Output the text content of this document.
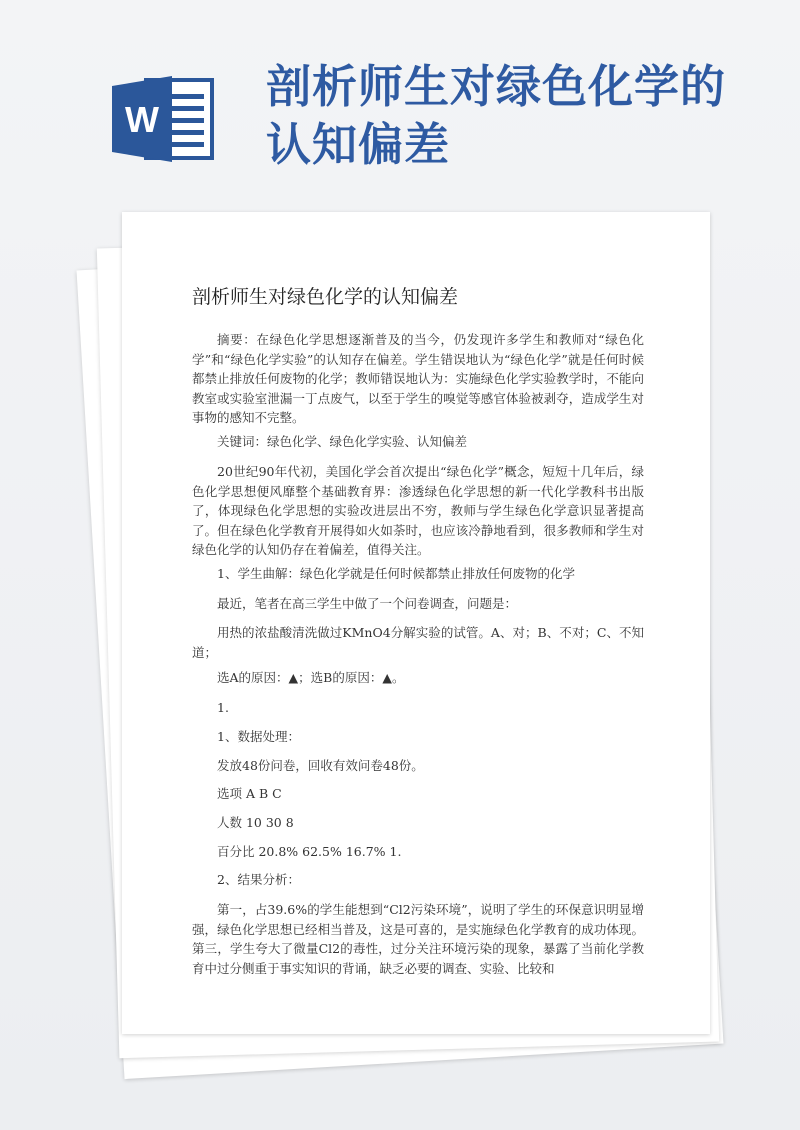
W
剖析师生对绿色化学的认知偏差
剖析师生对绿色化学的认知偏差

摘要：在绿色化学思想逐渐普及的当今，仍发现许多学生和教师对“绿色化学”和“绿色化学实验”的认知存在偏差。学生错误地认为“绿色化学”就是任何时候都禁止排放任何废物的化学；教师错误地认为：实施绿色化学实验教学时，不能向教室或实验室泄漏一丁点废气，以至于学生的嗅觉等感官体验被剥夺，造成学生对事物的感知不完整。

关键词：绿色化学、绿色化学实验、认知偏差

20世纪90年代初，美国化学会首次提出“绿色化学”概念，短短十几年后，绿色化学思想便风靡整个基础教育界：渗透绿色化学思想的新一代化学教科书出版了，体现绿色化学思想的实验改进层出不穷，教师与学生绿色化学意识显著提高了。但在绿色化学教育开展得如火如荼时，也应该冷静地看到，很多教师和学生对绿色化学的认知仍存在着偏差，值得关注。

1、学生曲解：绿色化学就是任何时候都禁止排放任何废物的化学

最近，笔者在高三学生中做了一个问卷调查，问题是：

用热的浓盐酸清洗做过KMnO4分解实验的试管。A、对；B、不对；C、不知道；

选A的原因：▲；选B的原因：▲。

1.

1、数据处理：

发放48份问卷，回收有效问卷48份。

选项 A B C

人数 10 30 8

百分比 20.8% 62.5% 16.7% 1.

2、结果分析：

第一，占39.6%的学生能想到“Cl2污染环境”，说明了学生的环保意识明显增强，绿色化学思想已经相当普及，这是可喜的，是实施绿色化学教育的成功体现。第三，学生夸大了微量Cl2的毒性，过分关注环境污染的现象，暴露了当前化学教育中过分侧重于事实知识的背诵，缺乏必要的调查、实验、比较和
